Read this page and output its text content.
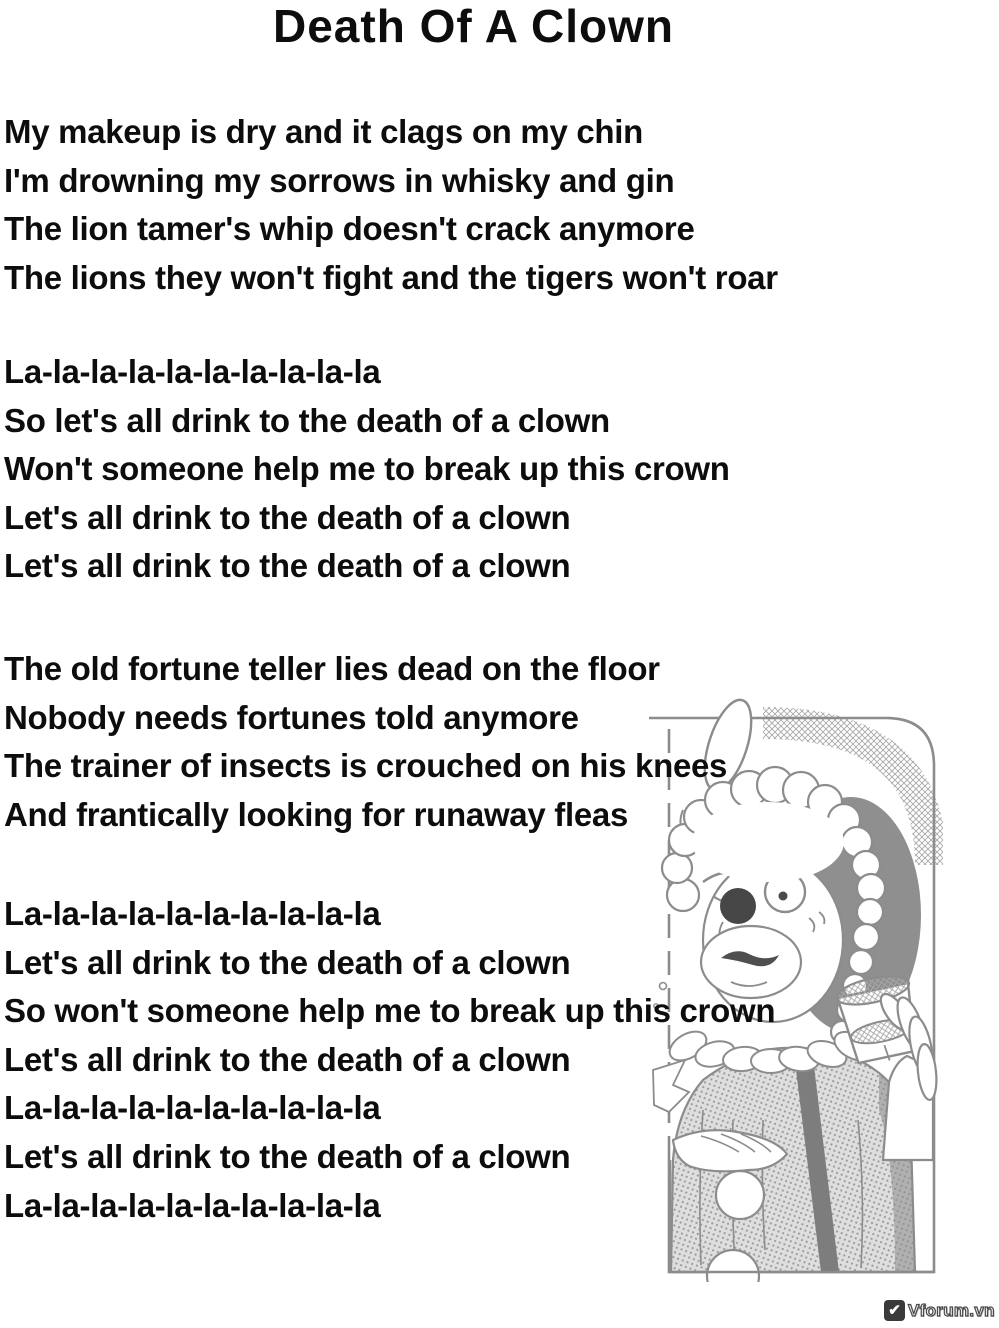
Death Of A Clown
My makeup is dry and it clags on my chin
I'm drowning my sorrows in whisky and gin
The lion tamer's whip doesn't crack anymore
The lions they won't fight and the tigers won't roar
La-la-la-la-la-la-la-la-la-la
So let's all drink to the death of a clown
Won't someone help me to break up this crown
Let's all drink to the death of a clown
Let's all drink to the death of a clown
The old fortune teller lies dead on the floor
Nobody needs fortunes told anymore
The trainer of insects is crouched on his knees
And frantically looking for runaway fleas
La-la-la-la-la-la-la-la-la-la
Let's all drink to the death of a clown
So won't someone help me to break up this crown
Let's all drink to the death of a clown
La-la-la-la-la-la-la-la-la-la
Let's all drink to the death of a clown
La-la-la-la-la-la-la-la-la-la
✔ Vforum.vn
